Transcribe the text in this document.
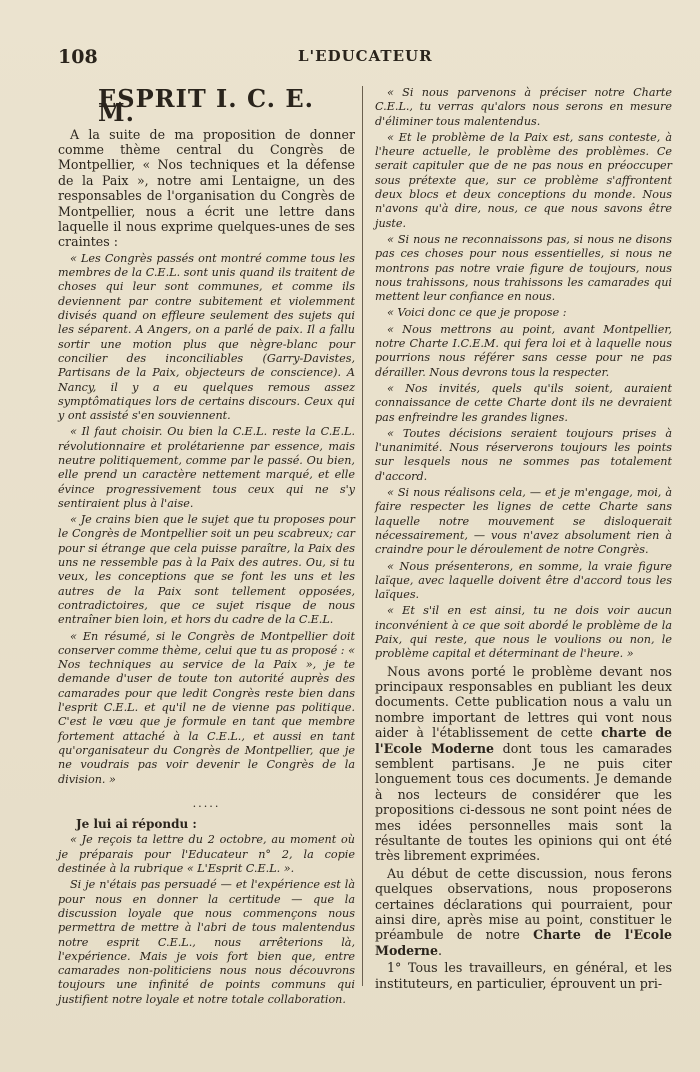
108	L'EDUCATEUR
ESPRIT I. C. E. M.

A la suite de ma proposition de donner comme thème central du Congrès de Montpellier, « Nos techniques et la défense de la Paix », notre ami Lentaigne, un des responsables de l'organisation du Congrès de Montpellier, nous a écrit une lettre dans laquelle il nous exprime quelques-unes de ses craintes :

« Les Congrès passés ont montré comme tous les membres de la C.E.L. sont unis quand ils traitent de choses qui leur sont communes, et comme ils deviennent par contre subitement et violemment divisés quand on effleure seulement des sujets qui les séparent. A Angers, on a parlé de paix. Il a fallu sortir une motion plus que nègre-blanc pour concilier des inconciliables (Garry-Davistes, Partisans de la Paix, objecteurs de conscience). A Nancy, il y a eu quelques remous assez symptômatiques lors de certains discours. Ceux qui y ont assisté s'en souviennent.

« Il faut choisir. Ou bien la C.E.L. reste la C.E.L. révolutionnaire et prolétarienne par essence, mais neutre politiquement, comme par le passé. Ou bien, elle prend un caractère nettement marqué, et elle évince progressivement tous ceux qui ne s'y sentiraient plus à l'aise.

« Je crains bien que le sujet que tu proposes pour le Congrès de Montpellier soit un peu scabreux; car pour si étrange que cela puisse paraître, la Paix des uns ne ressemble pas à la Paix des autres. Ou, si tu veux, les conceptions que se font les uns et les autres de la Paix sont tellement opposées, contradictoires, que ce sujet risque de nous entraîner bien loin, et hors du cadre de la C.E.L.

« En résumé, si le Congrès de Montpellier doit conserver comme thème, celui que tu as proposé : « Nos techniques au service de la Paix », je te demande d'user de toute ton autorité auprès des camarades pour que ledit Congrès reste bien dans l'esprit C.E.L. et qu'il ne de vienne pas politique. C'est le vœu que je formule en tant que membre fortement attaché à la C.E.L., et aussi en tant qu'organisateur du Congrès de Montpellier, que je ne voudrais pas voir devenir le Congrès de la division. »

.....
Je lui ai répondu :

« Je reçois ta lettre du 2 octobre, au moment où je préparais pour l'Educateur n° 2, la copie destinée à la rubrique « L'Esprit C.E.L. ».

Si je n'étais pas persuadé — et l'expérience est là pour nous en donner la certitude — que la discussion loyale que nous commençons nous permettra de mettre à l'abri de tous malentendus notre esprit C.E.L., nous arrêterions là, l'expérience. Mais je vois fort bien que, entre camarades non-politiciens nous nous découvrons toujours une infinité de points communs qui justifient notre loyale et notre totale collaboration.

« Si nous parvenons à préciser notre Charte C.E.L., tu verras qu'alors nous serons en mesure d'éliminer tous malentendus.

« Et le problème de la Paix est, sans conteste, à l'heure actuelle, le problème des problèmes. Ce serait capituler que de ne pas nous en préoccuper sous prétexte que, sur ce problème s'affrontent deux blocs et deux conceptions du monde. Nous n'avons qu'à dire, nous, ce que nous savons être juste.

« Si nous ne reconnaissons pas, si nous ne disons pas ces choses pour nous essentielles, si nous ne montrons pas notre vraie figure de toujours, nous nous trahissons, nous trahissons les camarades qui mettent leur confiance en nous.

« Voici donc ce que je propose :

« Nous mettrons au point, avant Montpellier, notre Charte I.C.E.M. qui fera loi et à laquelle nous pourrions nous référer sans cesse pour ne pas dérailler. Nous devrons tous la respecter.

« Nos invités, quels qu'ils soient, auraient connaissance de cette Charte dont ils ne devraient pas enfreindre les grandes lignes.

« Toutes décisions seraient toujours prises à l'unanimité. Nous réserverons toujours les points sur lesquels nous ne sommes pas totalement d'accord.

« Si nous réalisons cela, — et je m'engage, moi, à faire respecter les lignes de cette Charte sans laquelle notre mouvement se disloquerait nécessairement, — vous n'avez absolument rien à craindre pour le déroulement de notre Congrès.

« Nous présenterons, en somme, la vraie figure laïque, avec laquelle doivent être d'accord tous les laïques.

« Et s'il en est ainsi, tu ne dois voir aucun inconvénient à ce que soit abordé le problème de la Paix, qui reste, que nous le voulions ou non, le problème capital et déterminant de l'heure. »

Nous avons porté le problème devant nos principaux responsables en publiant les deux documents. Cette publication nous a valu un nombre important de lettres qui vont nous aider à l'établissement de cette charte de l'Ecole Moderne dont tous les camarades semblent partisans. Je ne puis citer longuement tous ces documents. Je demande à nos lecteurs de considérer que les propositions ci-dessous ne sont point nées de mes idées personnelles mais sont la résultante de toutes les opinions qui ont été très librement exprimées.

Au début de cette discussion, nous ferons quelques observations, nous proposerons certaines déclarations qui pourraient, pour ainsi dire, après mise au point, constituer le préambule de notre Charte de l'Ecole Moderne.

1° Tous les travailleurs, en général, et les instituteurs, en particulier, éprouvent un pri-
